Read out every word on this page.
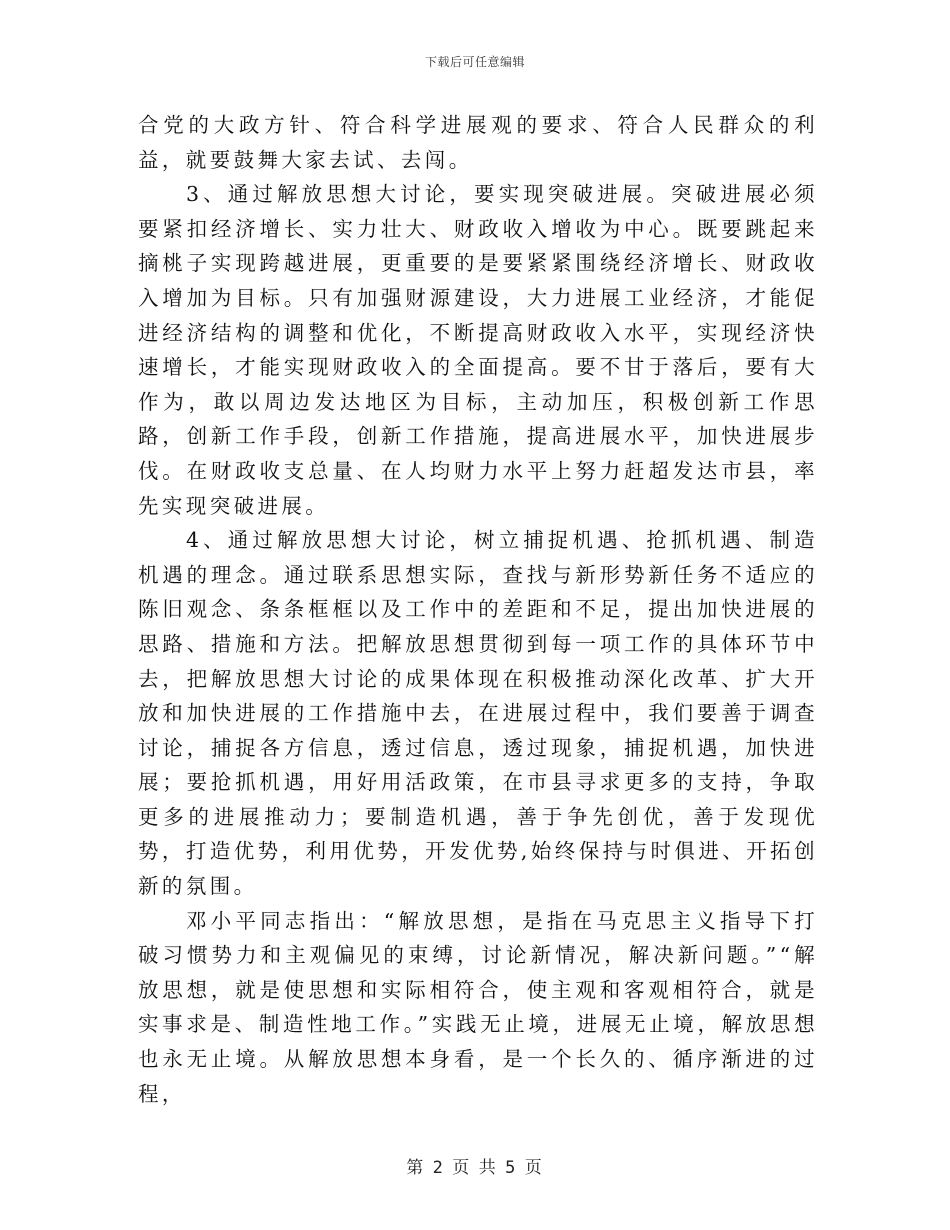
下载后可任意编辑

合党的大政方针、符合科学进展观的要求、符合人民群众的利益，就要鼓舞大家去试、去闯。

3、通过解放思想大讨论，要实现突破进展。突破进展必须要紧扣经济增长、实力壮大、财政收入增收为中心。既要跳起来摘桃子实现跨越进展，更重要的是要紧紧围绕经济增长、财政收入增加为目标。只有加强财源建设，大力进展工业经济，才能促进经济结构的调整和优化，不断提高财政收入水平，实现经济快速增长，才能实现财政收入的全面提高。要不甘于落后，要有大作为，敢以周边发达地区为目标，主动加压，积极创新工作思路，创新工作手段，创新工作措施，提高进展水平，加快进展步伐。在财政收支总量、在人均财力水平上努力赶超发达市县，率先实现突破进展。

4、通过解放思想大讨论，树立捕捉机遇、抢抓机遇、制造机遇的理念。通过联系思想实际，查找与新形势新任务不适应的陈旧观念、条条框框以及工作中的差距和不足，提出加快进展的思路、措施和方法。把解放思想贯彻到每一项工作的具体环节中去，把解放思想大讨论的成果体现在积极推动深化改革、扩大开放和加快进展的工作措施中去，在进展过程中，我们要善于调查讨论，捕捉各方信息，透过信息，透过现象，捕捉机遇，加快进展；要抢抓机遇，用好用活政策，在市县寻求更多的支持，争取更多的进展推动力；要制造机遇，善于争先创优，善于发现优势，打造优势，利用优势，开发优势,始终保持与时俱进、开拓创新的氛围。

邓小平同志指出：“解放思想，是指在马克思主义指导下打破习惯势力和主观偏见的束缚，讨论新情况，解决新问题。”“解放思想，就是使思想和实际相符合，使主观和客观相符合，就是实事求是、制造性地工作。”实践无止境，进展无止境，解放思想也永无止境。从解放思想本身看，是一个长久的、循序渐进的过程，

第 2 页 共 5 页
